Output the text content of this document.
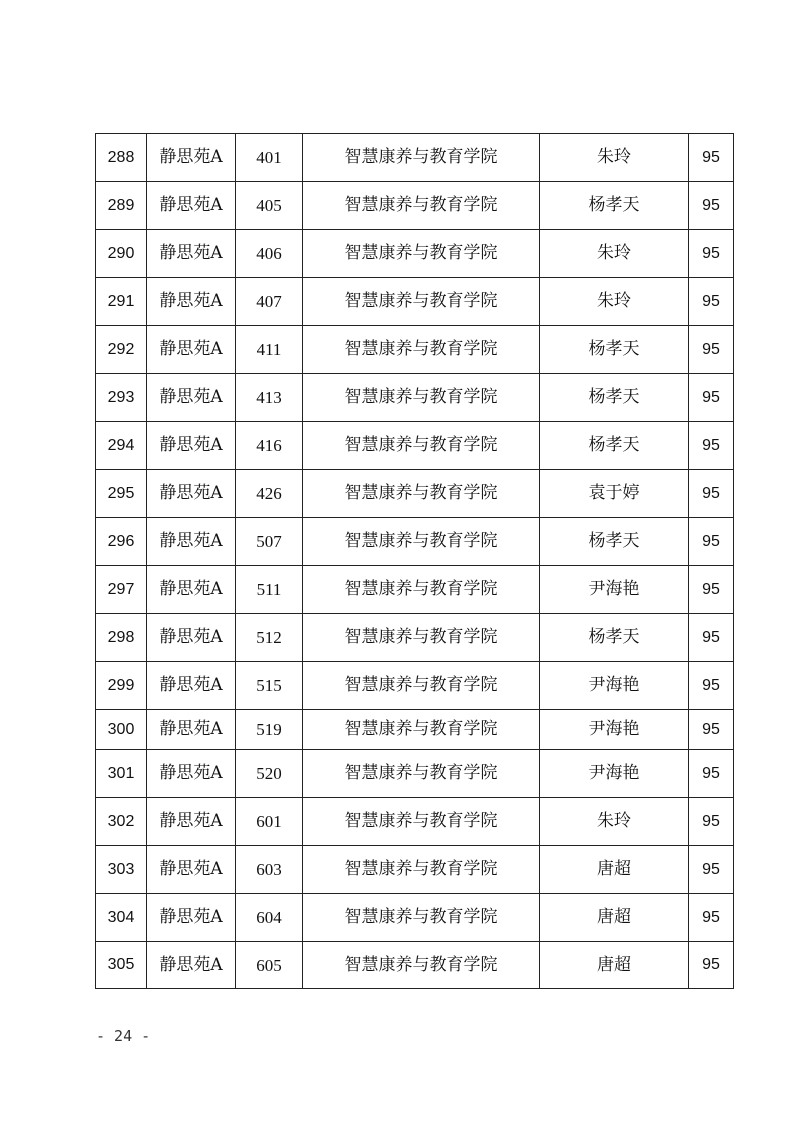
288	静思苑A	401	智慧康养与教育学院	朱玲	95
289	静思苑A	405	智慧康养与教育学院	杨孝天	95
290	静思苑A	406	智慧康养与教育学院	朱玲	95
291	静思苑A	407	智慧康养与教育学院	朱玲	95
292	静思苑A	411	智慧康养与教育学院	杨孝天	95
293	静思苑A	413	智慧康养与教育学院	杨孝天	95
294	静思苑A	416	智慧康养与教育学院	杨孝天	95
295	静思苑A	426	智慧康养与教育学院	袁于婷	95
296	静思苑A	507	智慧康养与教育学院	杨孝天	95
297	静思苑A	511	智慧康养与教育学院	尹海艳	95
298	静思苑A	512	智慧康养与教育学院	杨孝天	95
299	静思苑A	515	智慧康养与教育学院	尹海艳	95
300	静思苑A	519	智慧康养与教育学院	尹海艳	95
301	静思苑A	520	智慧康养与教育学院	尹海艳	95
302	静思苑A	601	智慧康养与教育学院	朱玲	95
303	静思苑A	603	智慧康养与教育学院	唐超	95
304	静思苑A	604	智慧康养与教育学院	唐超	95
305	静思苑A	605	智慧康养与教育学院	唐超	95
- 24 -
